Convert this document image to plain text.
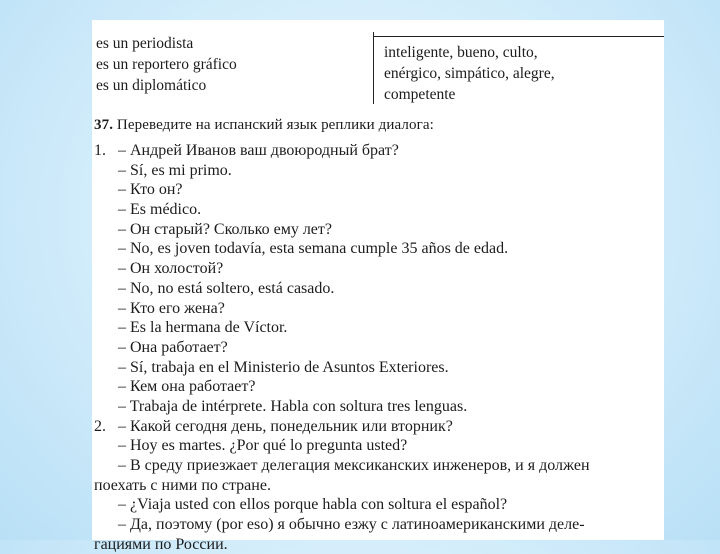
es un periodista
es un reportero gráfico
es un diplomático
inteligente, bueno, culto,
enérgico, simpático, alegre,
competente
37. Переведите на испанский язык реплики диалога:
1. – Андрей Иванов ваш двоюродный брат?
– Sí, es mi primo.
– Кто он?
– Es médico.
– Он старый? Сколько ему лет?
– No, es joven todavía, esta semana cumple 35 años de edad.
– Он холостой?
– No, no está soltero, está casado.
– Кто его жена?
– Es la hermana de Víctor.
– Она работает?
– Sí, trabaja en el Ministerio de Asuntos Exteriores.
– Кем она работает?
– Trabaja de intérprete. Habla con soltura tres lenguas.
2. – Какой сегодня день, понедельник или вторник?
– Hoy es martes. ¿Por qué lo pregunta usted?
– В среду приезжает делегация мексиканских инженеров, и я должен
поехать с ними по стране.
– ¿Viaja usted con ellos porque habla con soltura el español?
– Да, поэтому (por eso) я обычно езжу с латиноамериканскими деле-
гациями по России.
